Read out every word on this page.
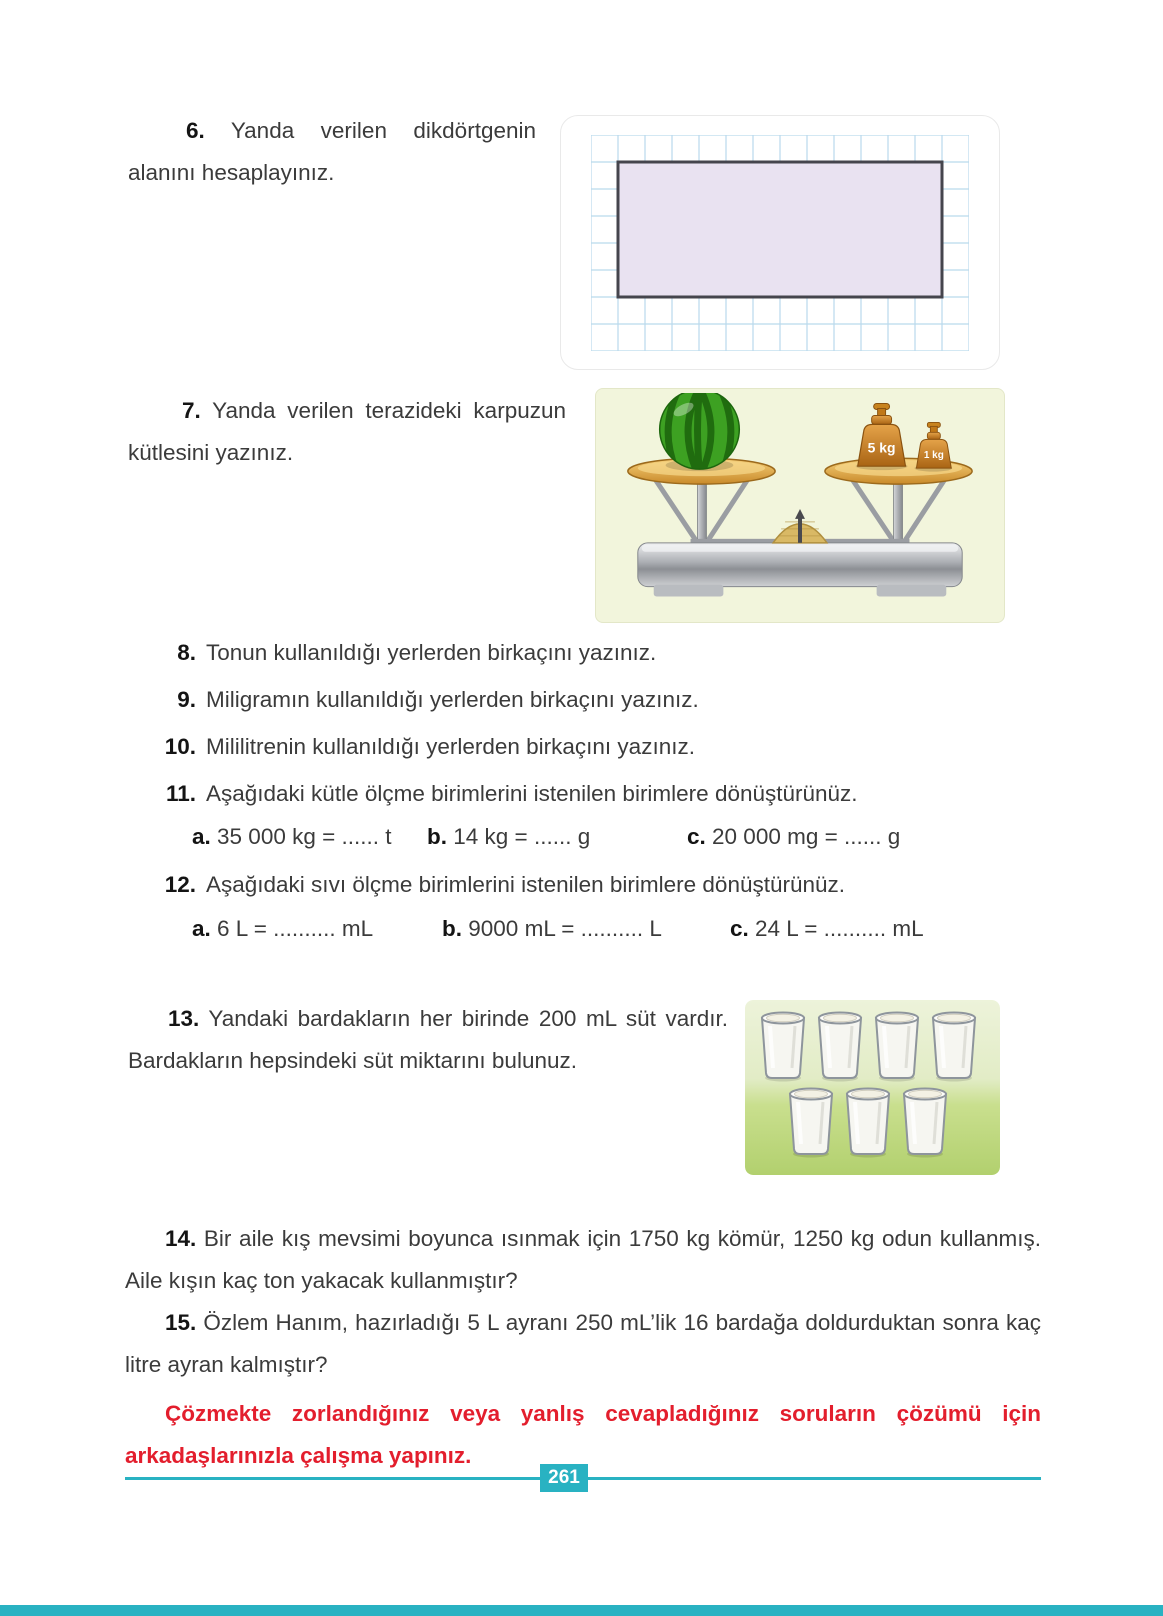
6. Yanda verilen dikdörtgenin alanını hesaplayınız.

7. Yanda verilen terazideki karpuzun kütlesini yazınız.	5 kg
1 kg
8. Tonun kullanıldığı yerlerden birkaçını yazınız.
9. Miligramın kullanıldığı yerlerden birkaçını yazınız.
10. Mililitrenin kullanıldığı yerlerden birkaçını yazınız.
11. Aşağıdaki kütle ölçme birimlerini istenilen birimlere dönüştürünüz.
a. 35 000 kg = ...... t	b. 14 kg = ...... g	c. 20 000 mg = ...... g
12. Aşağıdaki sıvı ölçme birimlerini istenilen birimlere dönüştürünüz.
a. 6 L = .......... mL	b. 9000 mL = .......... L	c. 24 L = .......... mL

13. Yandaki bardakların her birinde 200 mL süt vardır. Bardakların hepsindeki süt miktarını bulunuz.

14. Bir aile kış mevsimi boyunca ısınmak için 1750 kg kömür, 1250 kg odun kullanmış. Aile kışın kaç ton yakacak kullanmıştır?

15. Özlem Hanım, hazırladığı 5 L ayranı 250 mL’lik 16 bardağa doldurduktan sonra kaç litre ayran kalmıştır?

Çözmekte zorlandığınız veya yanlış cevapladığınız soruların çözümü için arkadaşlarınızla çalışma yapınız.

261
